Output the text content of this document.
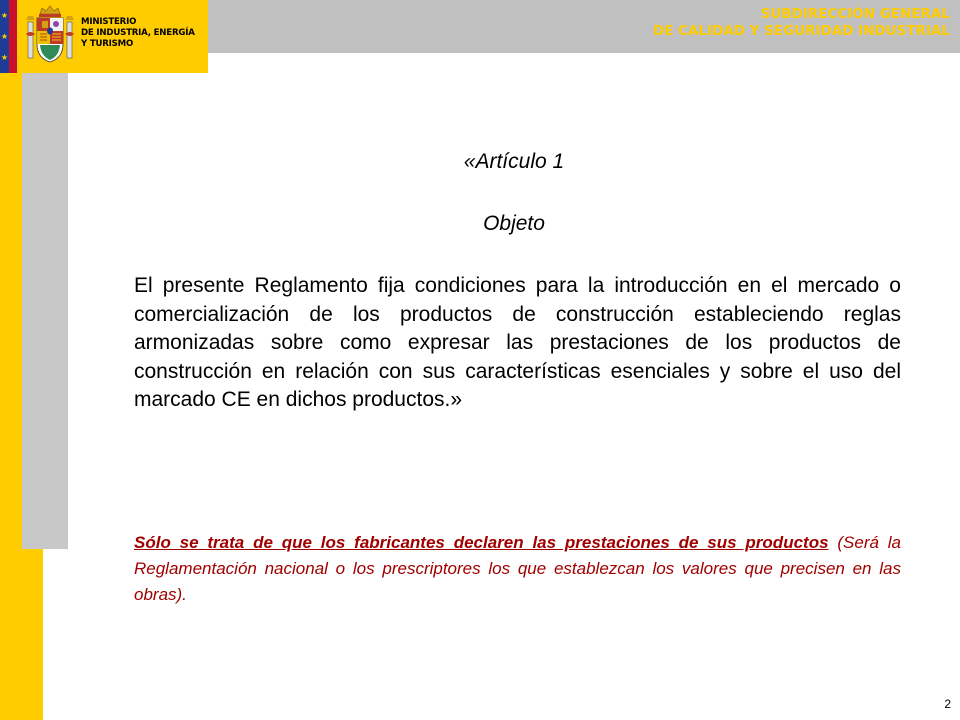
★
★
★
MINISTERIO
DE INDUSTRIA, ENERGÍA
Y TURISMO
SUBDIRECCIÓN GENERAL
DE CALIDAD Y SEGURIDAD INDUSTRIAL
«Artículo 1
Objeto
El presente Reglamento fija condiciones para la introducción en el mercado o comercialización de los productos de construcción estableciendo reglas armonizadas sobre como expresar las prestaciones de los productos de construcción en relación con sus características esenciales y sobre el uso del marcado CE en dichos productos.»
Sólo se trata de que los fabricantes declaren las prestaciones de sus productos (Será la Reglamentación nacional o los prescriptores los que establezcan los valores que precisen en las obras).
2
